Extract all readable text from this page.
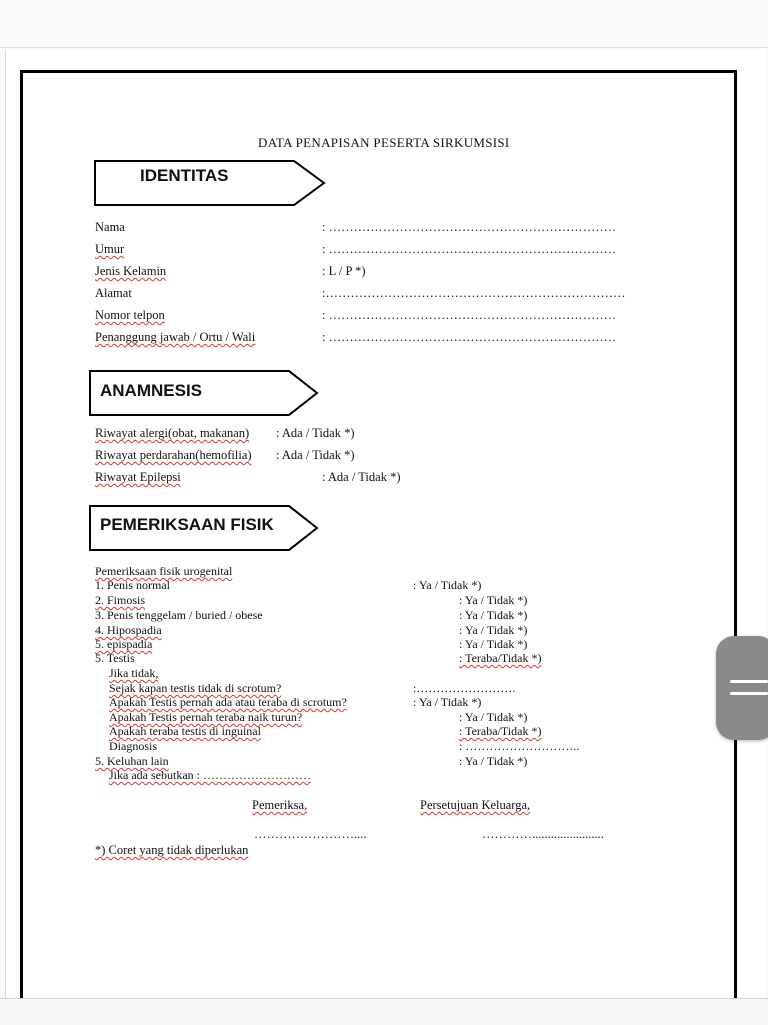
DATA PENAPISAN PESERTA SIRKUMSISI
IDENTITAS
Nama	: ……………………………………………………………
Umur	: ……………………………………………………………
Jenis Kelamin	: L / P *)
Alamat	:………………………………………………………………
Nomor telpon	: ……………………………………………………………
Penanggung jawab / Ortu / Wali	: ……………………………………………………………
ANAMNESIS
Riwayat alergi(obat, makanan) : Ada / Tidak *)
Riwayat perdarahan(hemofilia) : Ada / Tidak *)
Riwayat Epilepsi	: Ada / Tidak *)
PEMERIKSAAN FISIK
Pemeriksaan fisik urogenital
1. Penis normal	: Ya / Tidak *)
2. Fimosis	: Ya / Tidak *)
3. Penis tenggelam / buried / obese	: Ya / Tidak *)
4. Hipospadia	: Ya / Tidak *)
5. epispadia	: Ya / Tidak *)
5. Testis	: Teraba/Tidak *)
Jika tidak,
Sejak kapan testis tidak di scrotum?	:…………………….
Apakah Testis pernah ada atau teraba di scrotum?	: Ya / Tidak *)
Apakah Testis pernah teraba naik turun?	: Ya / Tidak *)
Apakah teraba testis di inguinal	: Teraba/Tidak *)
Diagnosis	: ………………………..
5. Keluhan lain	: Ya / Tidak *)
Jika ada sebutkan : ………………………
Pemeriksa,	Persetujuan Keluarga,
……………………....	………….......................
*) Coret yang tidak diperlukan
